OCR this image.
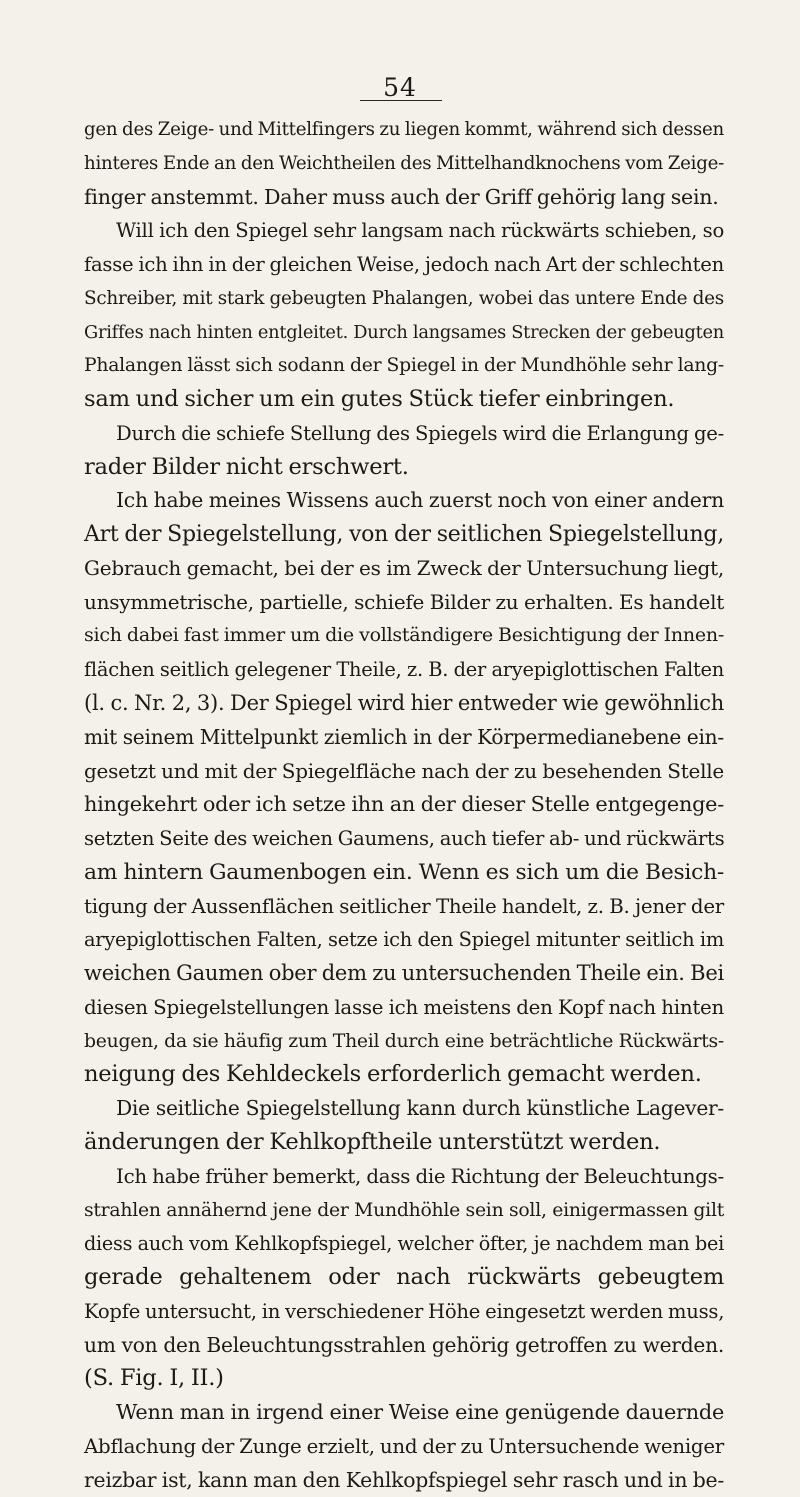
54
gen des Zeige- und Mittelfingers zu liegen kommt, während sich dessen
hinteres Ende an den Weichtheilen des Mittelhandknochens vom Zeige-
finger anstemmt. Daher muss auch der Griff gehörig lang sein.
Will ich den Spiegel sehr langsam nach rückwärts schieben, so
fasse ich ihn in der gleichen Weise, jedoch nach Art der schlechten
Schreiber, mit stark gebeugten Phalangen, wobei das untere Ende des
Griffes nach hinten entgleitet. Durch langsames Strecken der gebeugten
Phalangen lässt sich sodann der Spiegel in der Mundhöhle sehr lang-
sam und sicher um ein gutes Stück tiefer einbringen.
Durch die schiefe Stellung des Spiegels wird die Erlangung ge-
rader Bilder nicht erschwert.
Ich habe meines Wissens auch zuerst noch von einer andern
Art der Spiegelstellung, von der seitlichen Spiegelstellung,
Gebrauch gemacht, bei der es im Zweck der Untersuchung liegt,
unsymmetrische, partielle, schiefe Bilder zu erhalten. Es handelt
sich dabei fast immer um die vollständigere Besichtigung der Innen-
flächen seitlich gelegener Theile, z. B. der aryepiglottischen Falten
(l. c. Nr. 2, 3). Der Spiegel wird hier entweder wie gewöhnlich
mit seinem Mittelpunkt ziemlich in der Körpermedianebene ein-
gesetzt und mit der Spiegelfläche nach der zu besehenden Stelle
hingekehrt oder ich setze ihn an der dieser Stelle entgegenge-
setzten Seite des weichen Gaumens, auch tiefer ab- und rückwärts
am hintern Gaumenbogen ein. Wenn es sich um die Besich-
tigung der Aussenflächen seitlicher Theile handelt, z. B. jener der
aryepiglottischen Falten, setze ich den Spiegel mitunter seitlich im
weichen Gaumen ober dem zu untersuchenden Theile ein. Bei
diesen Spiegelstellungen lasse ich meistens den Kopf nach hinten
beugen, da sie häufig zum Theil durch eine beträchtliche Rückwärts-
neigung des Kehldeckels erforderlich gemacht werden.
Die seitliche Spiegelstellung kann durch künstliche Lagever-
änderungen der Kehlkopftheile unterstützt werden.
Ich habe früher bemerkt, dass die Richtung der Beleuchtungs-
strahlen annähernd jene der Mundhöhle sein soll, einigermassen gilt
diess auch vom Kehlkopfspiegel, welcher öfter, je nachdem man bei
gerade gehaltenem oder nach rückwärts gebeugtem
Kopfe untersucht, in verschiedener Höhe eingesetzt werden muss,
um von den Beleuchtungsstrahlen gehörig getroffen zu werden.
(S. Fig. I, II.)
Wenn man in irgend einer Weise eine genügende dauernde
Abflachung der Zunge erzielt, und der zu Untersuchende weniger
reizbar ist, kann man den Kehlkopfspiegel sehr rasch und in be-
